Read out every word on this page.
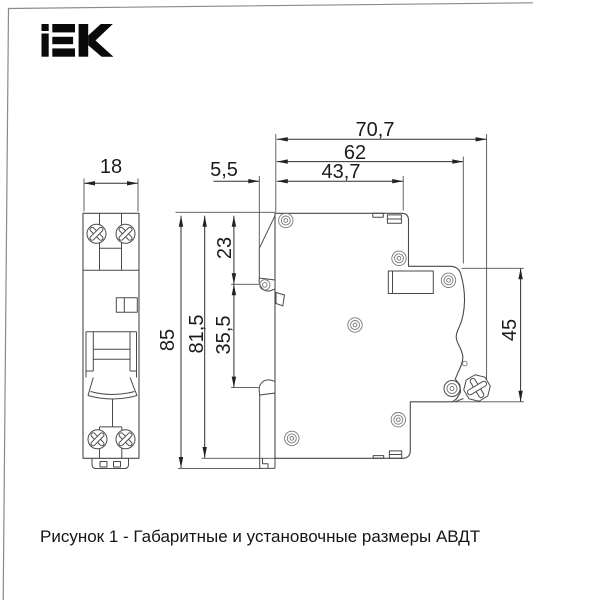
18	5,5	43,7
62
70,7
23
35,5
85 81,5	45
Рисунок 1 - Габаритные и установочные размеры АВДТ
